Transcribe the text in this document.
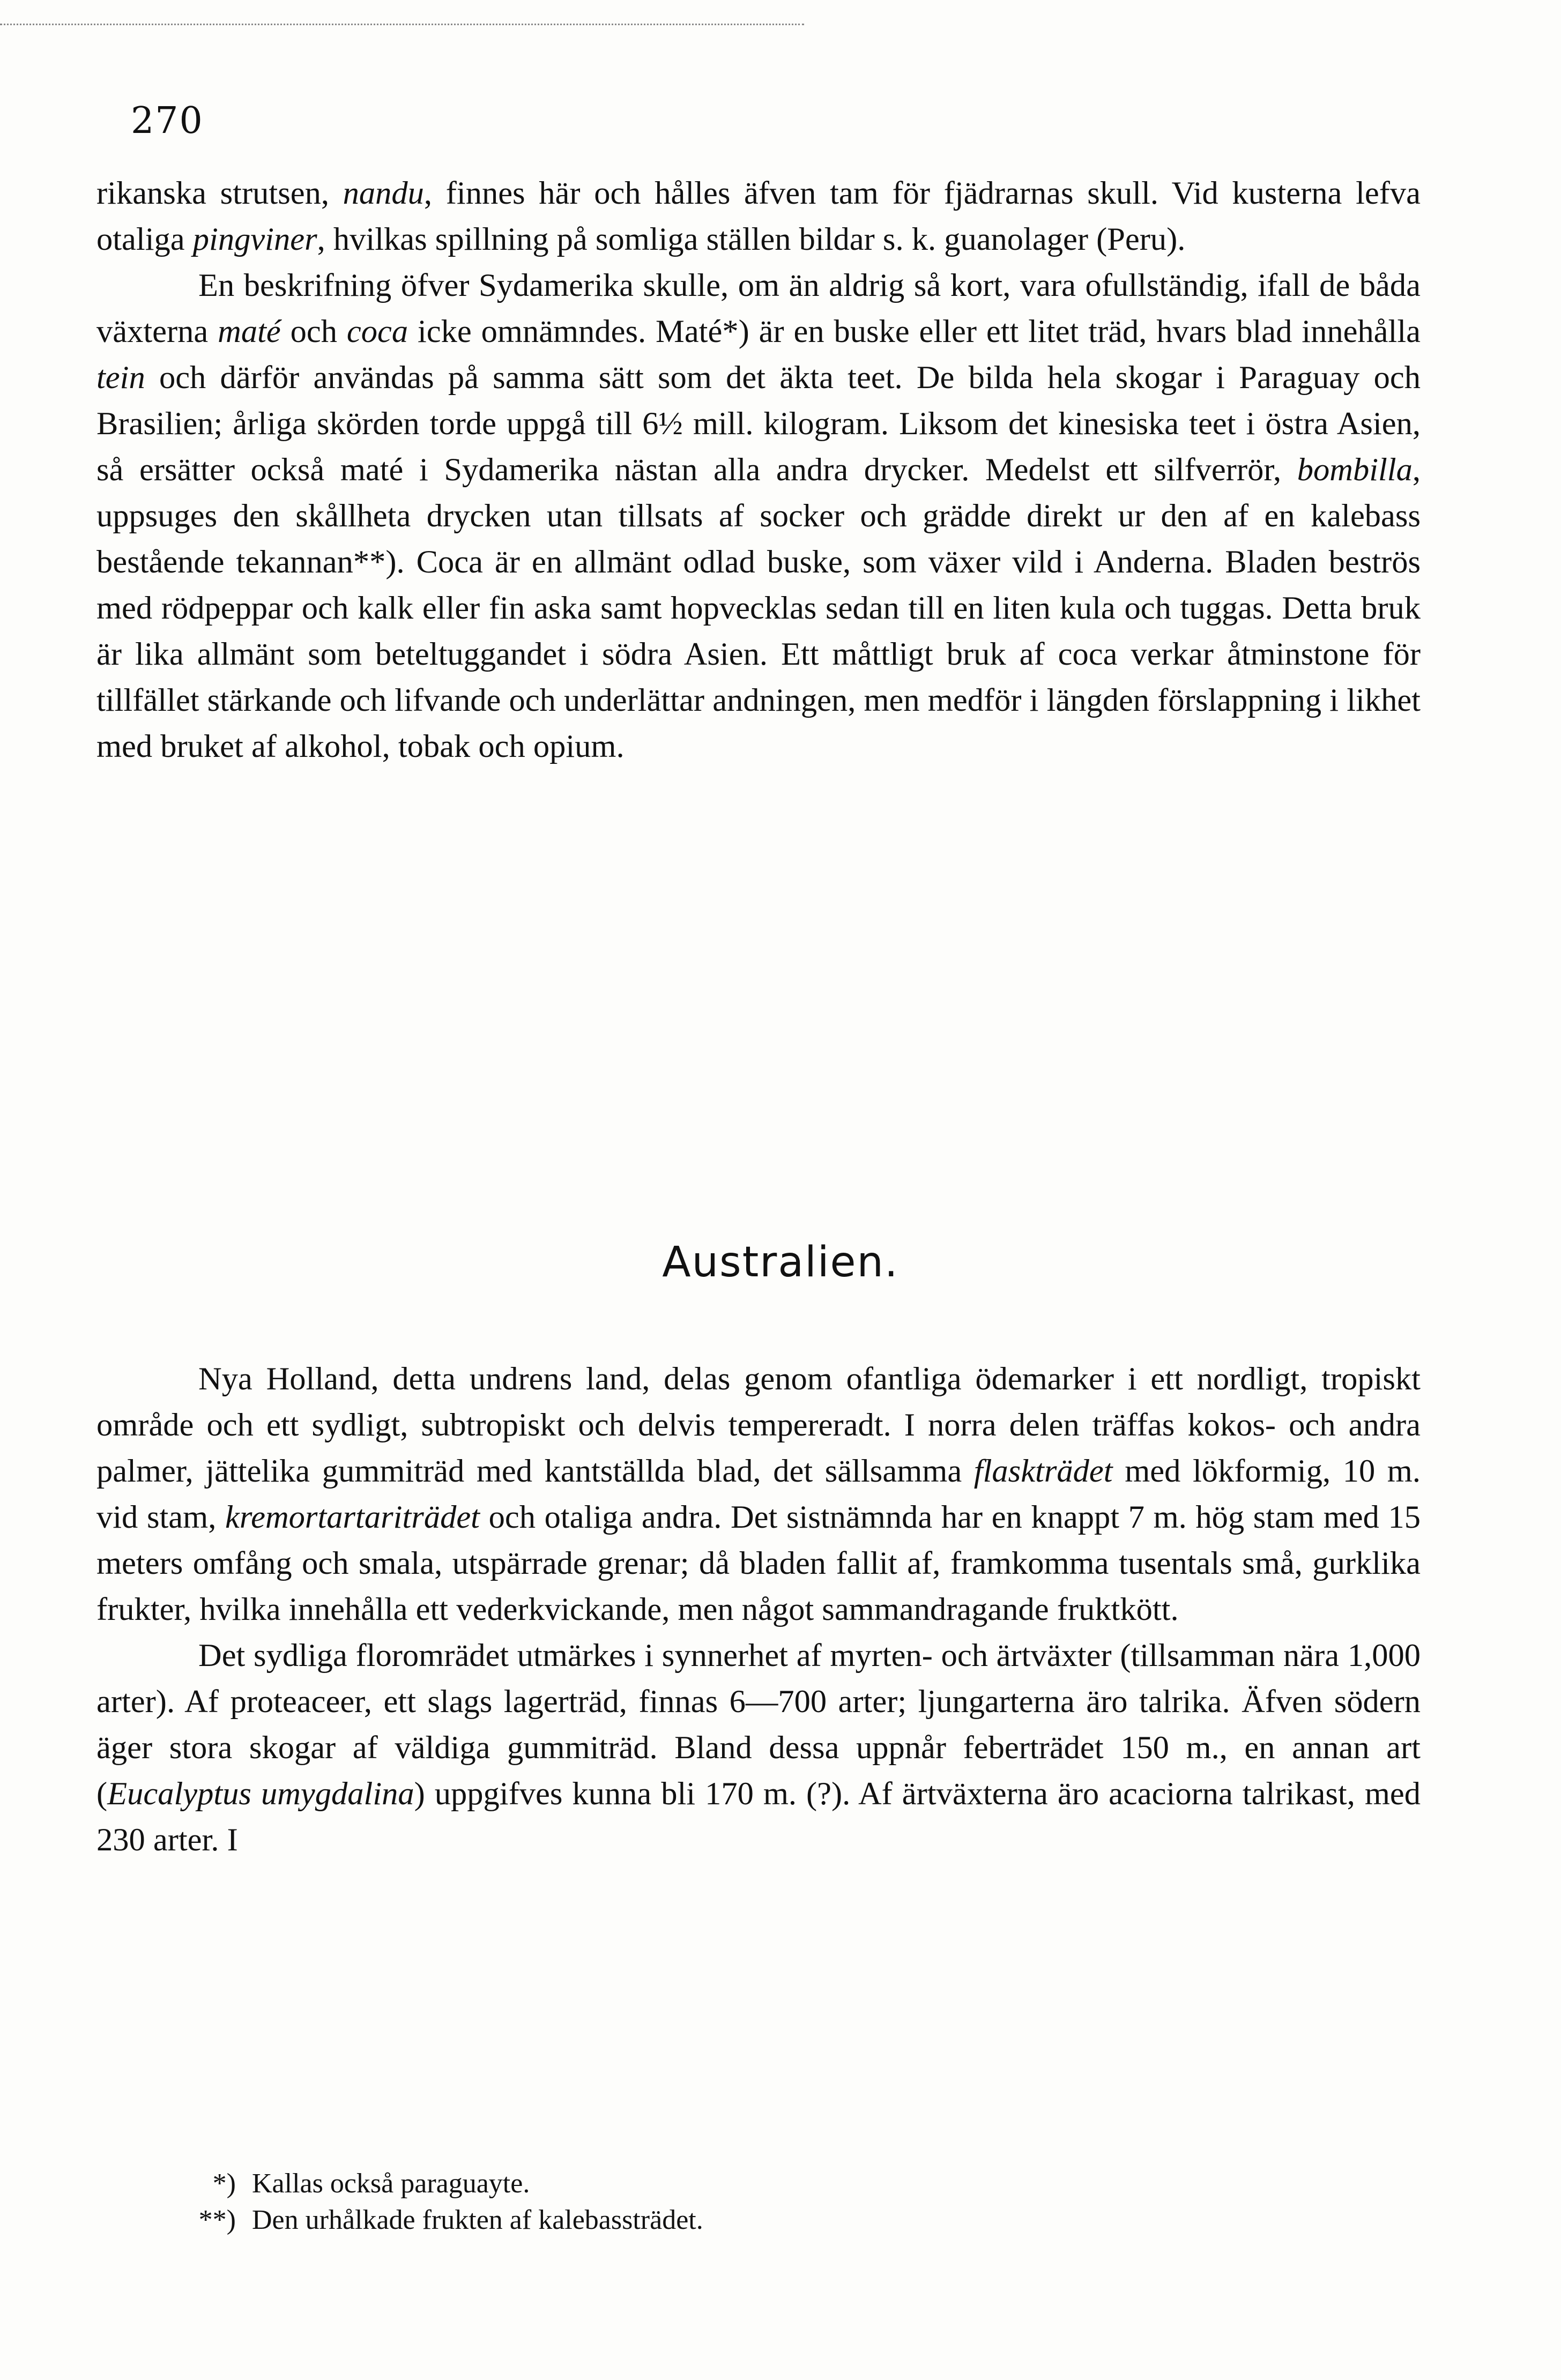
270

rikanska strutsen, nandu, finnes här och hålles äfven tam för fjädrarnas skull. Vid kusterna lefva otaliga pingviner, hvilkas spillning på somliga ställen bildar s. k. guanolager (Peru).

En beskrifning öfver Sydamerika skulle, om än aldrig så kort, vara ofullständig, ifall de båda växterna maté och coca icke omnämndes. Maté*) är en buske eller ett litet träd, hvars blad innehålla tein och därför användas på samma sätt som det äkta teet. De bilda hela skogar i Paraguay och Brasilien; årliga skörden torde uppgå till 6½ mill. kilogram. Liksom det kinesiska teet i östra Asien, så ersätter också maté i Sydamerika nästan alla andra drycker. Medelst ett silfverrör, bombilla, uppsuges den skållheta drycken utan tillsats af socker och grädde direkt ur den af en kalebass bestående tekannan**). Coca är en allmänt odlad buske, som växer vild i Anderna. Bladen beströs med rödpeppar och kalk eller fin aska samt hopvecklas sedan till en liten kula och tuggas. Detta bruk är lika allmänt som beteltuggandet i södra Asien. Ett måttligt bruk af coca verkar åtminstone för tillfället stärkande och lifvande och underlättar andningen, men medför i längden förslappning i likhet med bruket af alkohol, tobak och opium.

Australien.

Nya Holland, detta undrens land, delas genom ofantliga ödemarker i ett nordligt, tropiskt område och ett sydligt, subtropiskt och delvis tempereradt. I norra delen träffas kokos- och andra palmer, jättelika gummiträd med kantställda blad, det sällsamma flaskträdet med lökformig, 10 m. vid stam, kremortartariträdet och otaliga andra. Det sistnämnda har en knappt 7 m. hög stam med 15 meters omfång och smala, utspärrade grenar; då bladen fallit af, framkomma tusentals små, gurklika frukter, hvilka innehålla ett vederkvickande, men något sammandragande fruktkött.

Det sydliga floromrädet utmärkes i synnerhet af myrten- och ärtväxter (tillsamman nära 1,000 arter). Af proteaceer, ett slags lagerträd, finnas 6—700 arter; ljungarterna äro talrika. Äfven södern äger stora skogar af väldiga gummiträd. Bland dessa uppnår feberträdet 150 m., en annan art (Eucalyptus umygdalina) uppgifves kunna bli 170 m. (?). Af ärtväxterna äro acaciorna talrikast, med 230 arter. I

*) Kallas också paraguayte.
**) Den urhålkade frukten af kalebassträdet.
